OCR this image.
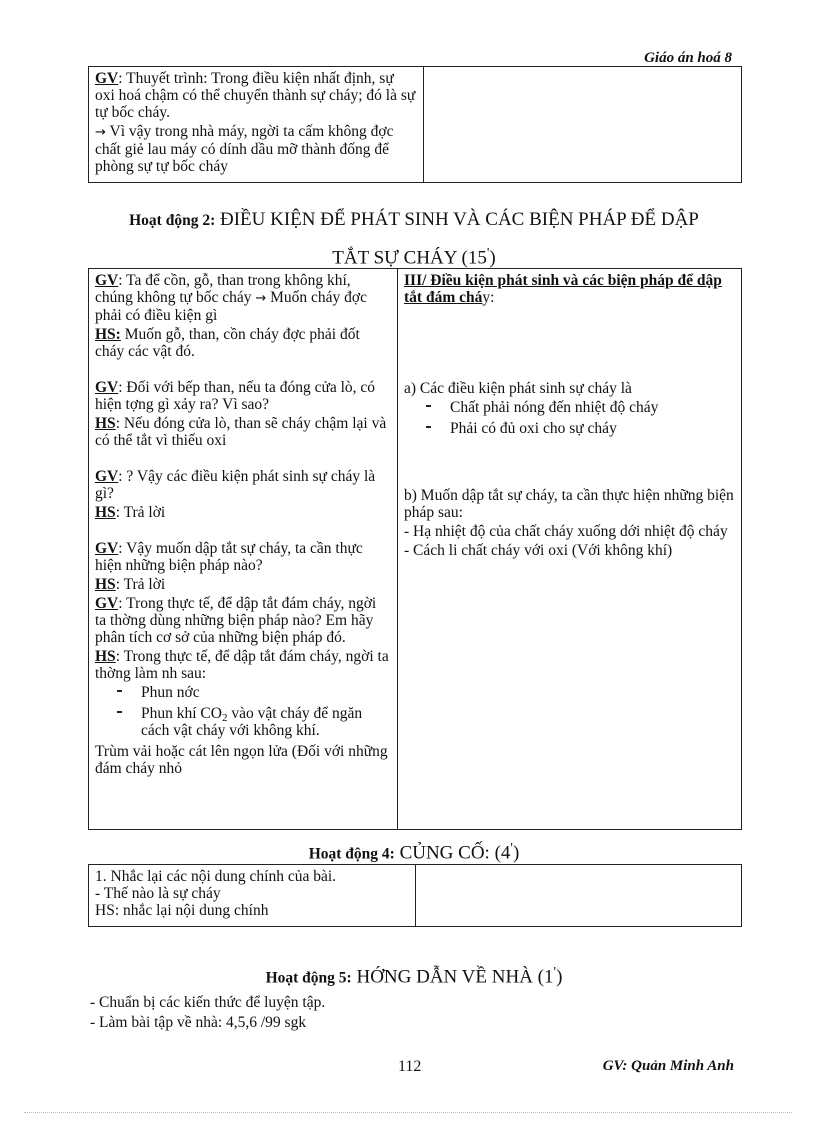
Giáo án hoá 8

GV: Thuyết trình: Trong điều kiện nhất định, sự oxi hoá chậm có thể chuyển thành sự cháy; đó là sự tự bốc cháy.

→ Vì vậy trong nhà máy, ngời ta cấm không đợc chất giẻ lau máy có dính dầu mỡ thành đống để phòng sự tự bốc cháy

Hoạt động 2: ĐIỀU KIỆN ĐỂ PHÁT SINH VÀ CÁC BIỆN PHÁP ĐỂ DẬP
TẮT SỰ CHÁY (15')

GV: Ta để cồn, gỗ, than trong không khí, chúng không tự bốc cháy → Muốn cháy đợc phải có điều kiện gì

HS: Muốn gỗ, than, cồn cháy đợc phải đốt cháy các vật đó.

GV: Đối với bếp than, nếu ta đóng cửa lò, có hiện tợng gì xảy ra? Vì sao?

HS: Nếu đóng cửa lò, than sẽ cháy chậm lại và có thể tắt vì thiếu oxi

GV: ? Vậy các điều kiện phát sinh sự cháy là gì?

HS: Trả lời

GV: Vậy muốn dập tắt sự cháy, ta cần thực hiện những biện pháp nào?

HS: Trả lời

GV: Trong thực tế, để dập tắt đám cháy, ngời ta thờng dùng những biện pháp nào? Em hãy phân tích cơ sở của những biện pháp đó.

HS: Trong thực tế, để dập tắt đám cháy, ngời ta thờng làm nh sau:

Phun nớc
Phun khí $CO_2$ vào vật cháy để ngăn cách vật cháy với không khí.

Trùm vải hoặc cát lên ngọn lửa (Đối với những đám cháy nhỏ

III/ Điều kiện phát sinh và các biện pháp để dập tắt đám cháy:

a) Các điều kiện phát sinh sự cháy là

Chất phải nóng đến nhiệt độ cháy
Phải có đủ oxi cho sự cháy

b) Muốn dập tắt sự cháy, ta cần thực hiện những biện pháp sau:

- Hạ nhiệt độ của chất cháy xuống dới nhiệt độ cháy

- Cách li chất cháy với oxi (Với không khí)

Hoạt động 4: CỦNG CỐ: (4')
1. Nhắc lại các nội dung chính của bài.
- Thế nào là sự cháy
HS: nhắc lại nội dung chính

Hoạt động 5: HỚNG DẪN VỀ NHÀ (1')
- Chuẩn bị các kiến thức để luyện tập.
- Làm bài tập về nhà: 4,5,6 /99 sgk
112	GV: Quản Minh Anh
